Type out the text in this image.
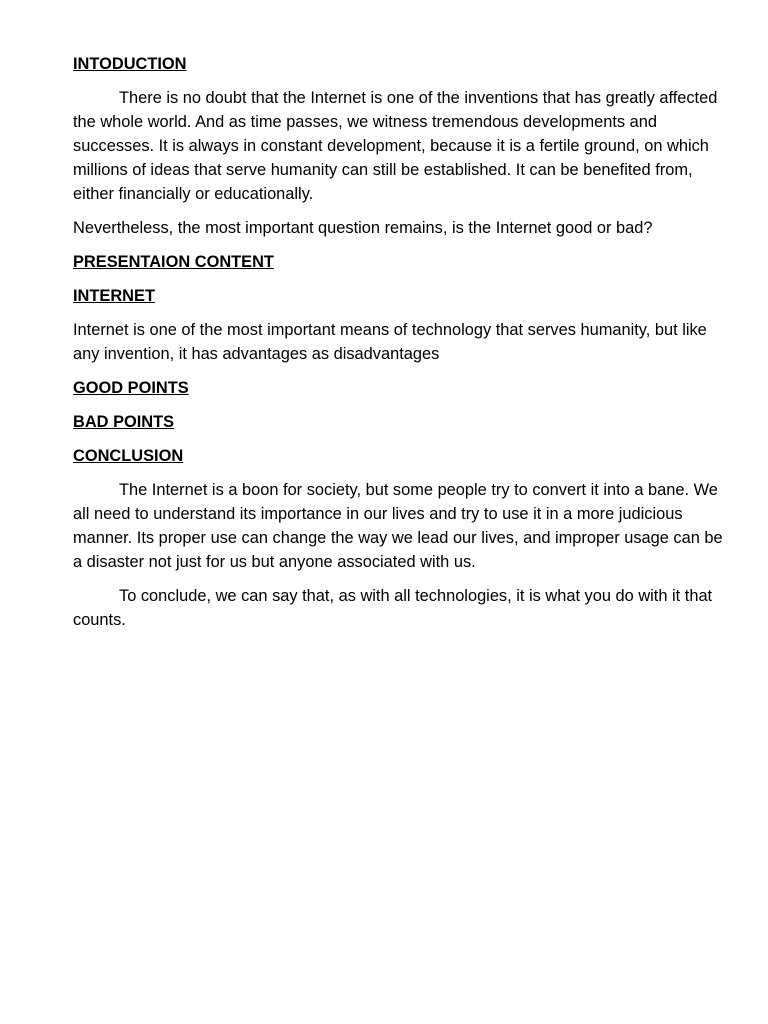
INTODUCTION

There is no doubt that the Internet is one of the inventions that has greatly affected the whole world. And as time passes, we witness tremendous developments and successes. It is always in constant development, because it is a fertile ground, on which millions of ideas that serve humanity can still be established. It can be benefited from, either financially or educationally.

Nevertheless, the most important question remains, is the Internet good or bad?

PRESENTAION CONTENT

INTERNET

Internet is one of the most important means of technology that serves humanity, but like any invention, it has advantages as disadvantages

GOOD POINTS

BAD POINTS

CONCLUSION

The Internet is a boon for society, but some people try to convert it into a bane. We all need to understand its importance in our lives and try to use it in a more judicious manner. Its proper use can change the way we lead our lives, and improper usage can be a disaster not just for us but anyone associated with us.

To conclude, we can say that, as with all technologies, it is what you do with it that counts.
